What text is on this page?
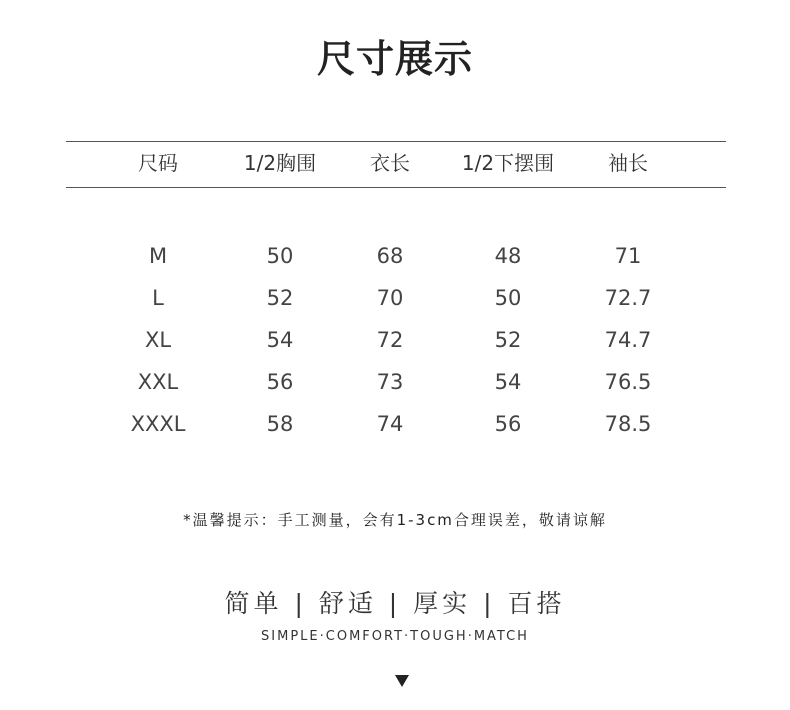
尺寸展示
尺码	1/2胸围	衣长	1/2下摆围	袖长
M	50	68	48	71
L	52	70	50	72.7
XL	54	72	52	74.7
XXL	56	73	54	76.5
XXXL	58	74	56	78.5
*温馨提示：手工测量，会有1-3cm合理误差，敬请谅解
简单 | 舒适 | 厚实 | 百搭
SIMPLE·COMFORT·TOUGH·MATCH
